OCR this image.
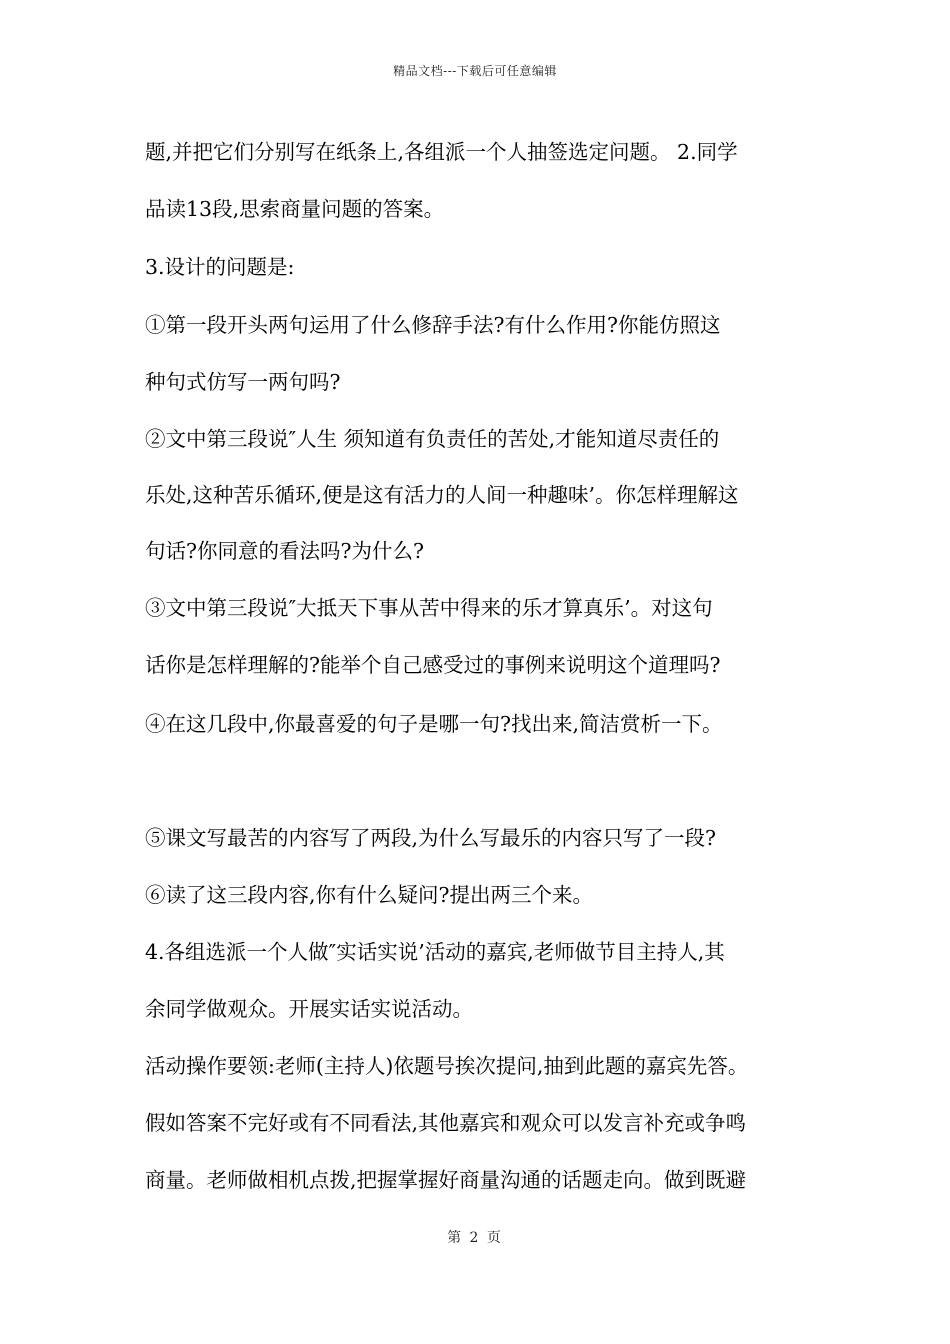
精品文档---下载后可任意编辑
题,并把它们分别写在纸条上,各组派一个人抽签选定问题。 2.同学
品读13段,思索商量问题的答案。
3.设计的问题是:
①第一段开头两句运用了什么修辞手法?有什么作用?你能仿照这
种句式仿写一两句吗?
②文中第三段说″人生 须知道有负责任的苦处,才能知道尽责任的
乐处,这种苦乐循环,便是这有活力的人间一种趣味’。你怎样理解这
句话?你同意的看法吗?为什么?
③文中第三段说″大抵天下事从苦中得来的乐才算真乐’。对这句
话你是怎样理解的?能举个自己感受过的事例来说明这个道理吗?
④在这几段中,你最喜爱的句子是哪一句?找出来,简洁赏析一下。
⑤课文写最苦的内容写了两段,为什么写最乐的内容只写了一段?
⑥读了这三段内容,你有什么疑问?提出两三个来。
4.各组选派一个人做″实话实说’活动的嘉宾,老师做节目主持人,其
余同学做观众。开展实话实说活动。
活动操作要领:老师(主持人)依题号挨次提问,抽到此题的嘉宾先答。
假如答案不完好或有不同看法,其他嘉宾和观众可以发言补充或争鸣
商量。老师做相机点拨,把握掌握好商量沟通的话题走向。做到既避
第 2 页
